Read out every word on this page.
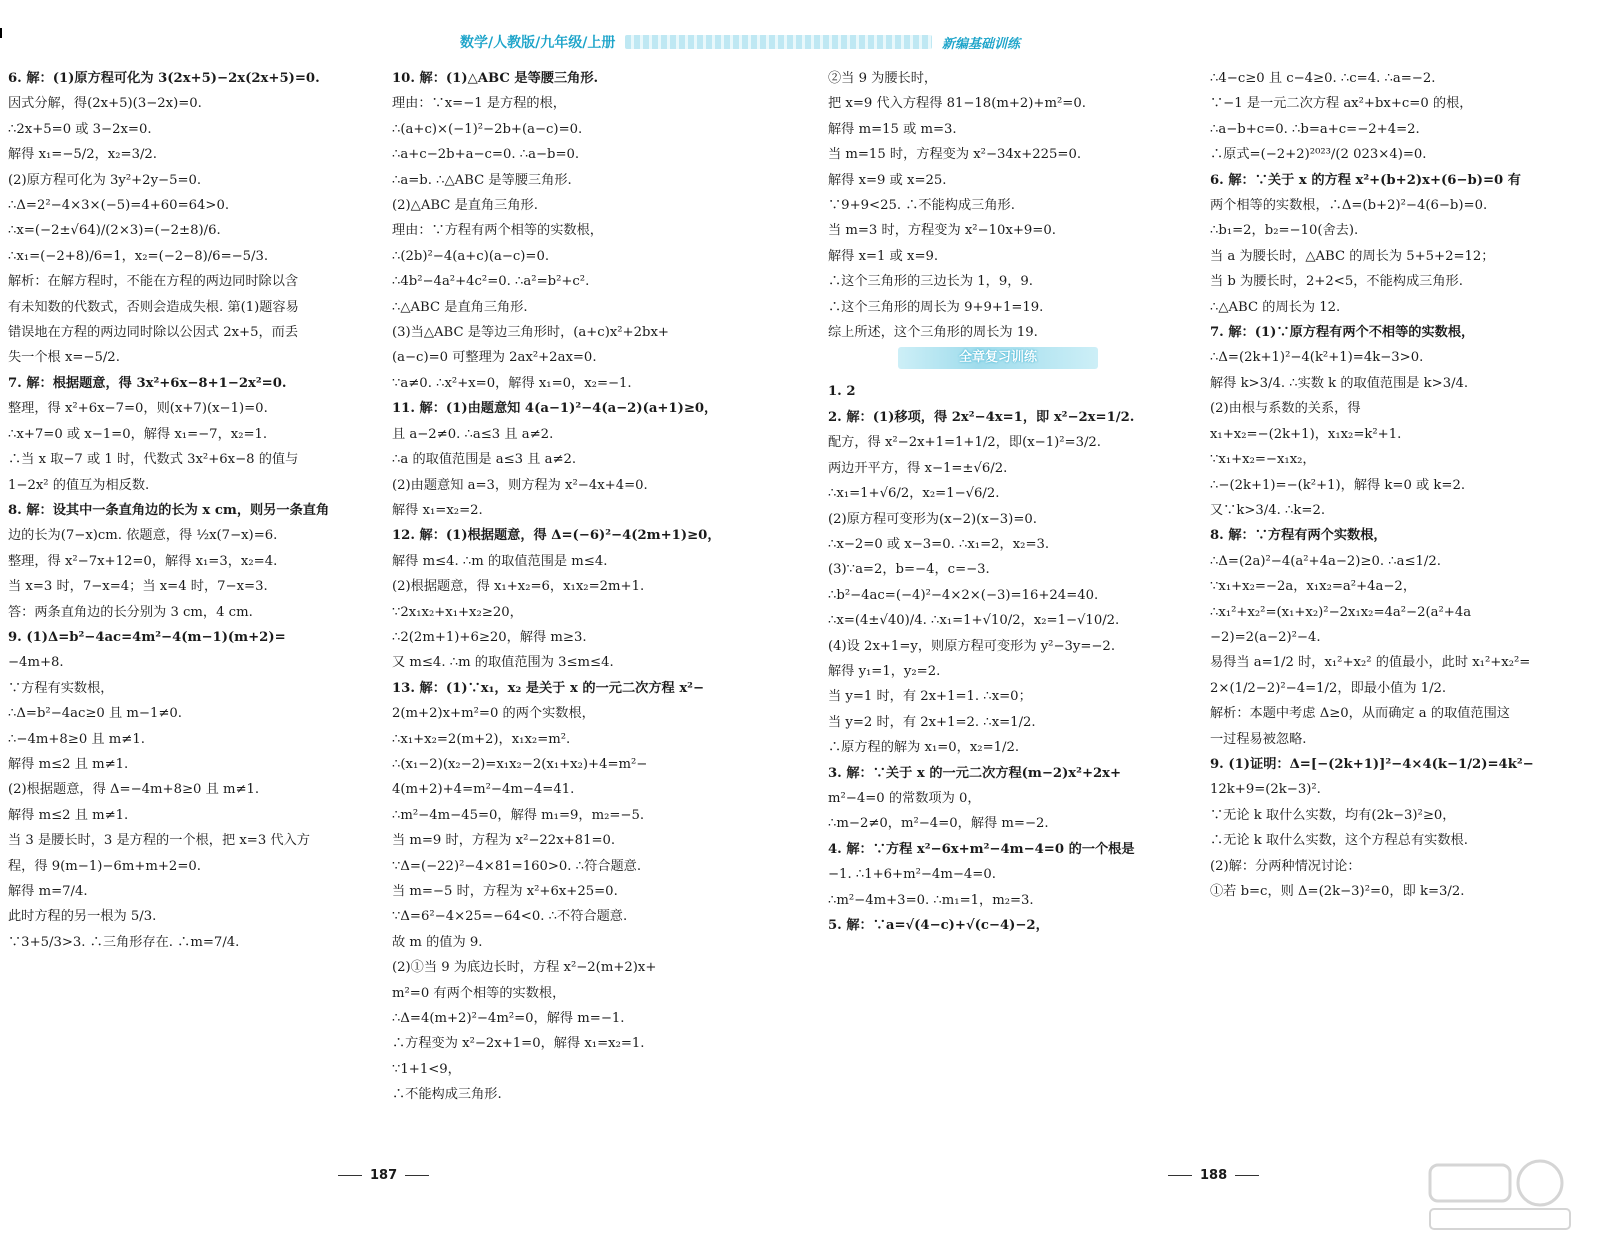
数学/人教版/九年级/上册	新编基础训练
6. 解：(1)原方程可化为 3(2x+5)−2x(2x+5)=0.
因式分解，得(2x+5)(3−2x)=0.
∴2x+5=0 或 3−2x=0.
解得 x₁=−5/2，x₂=3/2.
(2)原方程可化为 3y²+2y−5=0.
∴Δ=2²−4×3×(−5)=4+60=64>0.
∴x=(−2±√64)/(2×3)=(−2±8)/6.
∴x₁=(−2+8)/6=1，x₂=(−2−8)/6=−5/3.
解析：在解方程时，不能在方程的两边同时除以含
有未知数的代数式，否则会造成失根. 第(1)题容易
错误地在方程的两边同时除以公因式 2x+5，而丢
失一个根 x=−5/2.
7. 解：根据题意，得 3x²+6x−8+1−2x²=0.
整理，得 x²+6x−7=0，则(x+7)(x−1)=0.
∴x+7=0 或 x−1=0，解得 x₁=−7，x₂=1.
∴当 x 取−7 或 1 时，代数式 3x²+6x−8 的值与
1−2x² 的值互为相反数.
8. 解：设其中一条直角边的长为 x cm，则另一条直角
边的长为(7−x)cm. 依题意，得 ½x(7−x)=6.
整理，得 x²−7x+12=0，解得 x₁=3，x₂=4.
当 x=3 时，7−x=4；当 x=4 时，7−x=3.
答：两条直角边的长分别为 3 cm，4 cm.
9. (1)Δ=b²−4ac=4m²−4(m−1)(m+2)=
−4m+8.
∵方程有实数根，
∴Δ=b²−4ac≥0 且 m−1≠0.
∴−4m+8≥0 且 m≠1.
解得 m≤2 且 m≠1.
(2)根据题意，得 Δ=−4m+8≥0 且 m≠1.
解得 m≤2 且 m≠1.
当 3 是腰长时，3 是方程的一个根，把 x=3 代入方
程，得 9(m−1)−6m+m+2=0.
解得 m=7/4.
此时方程的另一根为 5/3.
∵3+5/3>3. ∴三角形存在. ∴m=7/4.
10. 解：(1)△ABC 是等腰三角形.
理由：∵x=−1 是方程的根，
∴(a+c)×(−1)²−2b+(a−c)=0.
∴a+c−2b+a−c=0. ∴a−b=0.
∴a=b. ∴△ABC 是等腰三角形.
(2)△ABC 是直角三角形.
理由：∵方程有两个相等的实数根，
∴(2b)²−4(a+c)(a−c)=0.
∴4b²−4a²+4c²=0. ∴a²=b²+c².
∴△ABC 是直角三角形.
(3)当△ABC 是等边三角形时，(a+c)x²+2bx+
(a−c)=0 可整理为 2ax²+2ax=0.
∵a≠0. ∴x²+x=0，解得 x₁=0，x₂=−1.
11. 解：(1)由题意知 4(a−1)²−4(a−2)(a+1)≥0，
且 a−2≠0. ∴a≤3 且 a≠2.
∴a 的取值范围是 a≤3 且 a≠2.
(2)由题意知 a=3，则方程为 x²−4x+4=0.
解得 x₁=x₂=2.
12. 解：(1)根据题意，得 Δ=(−6)²−4(2m+1)≥0，
解得 m≤4. ∴m 的取值范围是 m≤4.
(2)根据题意，得 x₁+x₂=6，x₁x₂=2m+1.
∵2x₁x₂+x₁+x₂≥20，
∴2(2m+1)+6≥20，解得 m≥3.
又 m≤4. ∴m 的取值范围为 3≤m≤4.
13. 解：(1)∵x₁，x₂ 是关于 x 的一元二次方程 x²−
2(m+2)x+m²=0 的两个实数根，
∴x₁+x₂=2(m+2)，x₁x₂=m².
∴(x₁−2)(x₂−2)=x₁x₂−2(x₁+x₂)+4=m²−
4(m+2)+4=m²−4m−4=41.
∴m²−4m−45=0，解得 m₁=9，m₂=−5.
当 m=9 时，方程为 x²−22x+81=0.
∵Δ=(−22)²−4×81=160>0. ∴符合题意.
当 m=−5 时，方程为 x²+6x+25=0.
∵Δ=6²−4×25=−64<0. ∴不符合题意.
故 m 的值为 9.
(2)①当 9 为底边长时，方程 x²−2(m+2)x+
m²=0 有两个相等的实数根，
∴Δ=4(m+2)²−4m²=0，解得 m=−1.
∴方程变为 x²−2x+1=0，解得 x₁=x₂=1.
∵1+1<9，
∴不能构成三角形.
②当 9 为腰长时，
把 x=9 代入方程得 81−18(m+2)+m²=0.
解得 m=15 或 m=3.
当 m=15 时，方程变为 x²−34x+225=0.
解得 x=9 或 x=25.
∵9+9<25. ∴不能构成三角形.
当 m=3 时，方程变为 x²−10x+9=0.
解得 x=1 或 x=9.
∴这个三角形的三边长为 1，9，9.
∴这个三角形的周长为 9+9+1=19.
综上所述，这个三角形的周长为 19.
全章复习训练
1. 2
2. 解：(1)移项，得 2x²−4x=1，即 x²−2x=1/2.
配方，得 x²−2x+1=1+1/2，即(x−1)²=3/2.
两边开平方，得 x−1=±√6/2.
∴x₁=1+√6/2，x₂=1−√6/2.
(2)原方程可变形为(x−2)(x−3)=0.
∴x−2=0 或 x−3=0. ∴x₁=2，x₂=3.
(3)∵a=2，b=−4，c=−3.
∴b²−4ac=(−4)²−4×2×(−3)=16+24=40.
∴x=(4±√40)/4. ∴x₁=1+√10/2，x₂=1−√10/2.
(4)设 2x+1=y，则原方程可变形为 y²−3y=−2.
解得 y₁=1，y₂=2.
当 y=1 时，有 2x+1=1. ∴x=0；
当 y=2 时，有 2x+1=2. ∴x=1/2.
∴原方程的解为 x₁=0，x₂=1/2.
3. 解：∵关于 x 的一元二次方程(m−2)x²+2x+
m²−4=0 的常数项为 0，
∴m−2≠0，m²−4=0，解得 m=−2.
4. 解：∵方程 x²−6x+m²−4m−4=0 的一个根是
−1. ∴1+6+m²−4m−4=0.
∴m²−4m+3=0. ∴m₁=1，m₂=3.
5. 解：∵a=√(4−c)+√(c−4)−2，
∴4−c≥0 且 c−4≥0. ∴c=4. ∴a=−2.
∵−1 是一元二次方程 ax²+bx+c=0 的根，
∴a−b+c=0. ∴b=a+c=−2+4=2.
∴原式=(−2+2)²⁰²³/(2 023×4)=0.
6. 解：∵关于 x 的方程 x²+(b+2)x+(6−b)=0 有
两个相等的实数根，∴Δ=(b+2)²−4(6−b)=0.
∴b₁=2，b₂=−10(舍去).
当 a 为腰长时，△ABC 的周长为 5+5+2=12；
当 b 为腰长时，2+2<5，不能构成三角形.
∴△ABC 的周长为 12.
7. 解：(1)∵原方程有两个不相等的实数根，
∴Δ=(2k+1)²−4(k²+1)=4k−3>0.
解得 k>3/4. ∴实数 k 的取值范围是 k>3/4.
(2)由根与系数的关系，得
x₁+x₂=−(2k+1)，x₁x₂=k²+1.
∵x₁+x₂=−x₁x₂，
∴−(2k+1)=−(k²+1)，解得 k=0 或 k=2.
又∵k>3/4. ∴k=2.
8. 解：∵方程有两个实数根，
∴Δ=(2a)²−4(a²+4a−2)≥0. ∴a≤1/2.
∵x₁+x₂=−2a，x₁x₂=a²+4a−2，
∴x₁²+x₂²=(x₁+x₂)²−2x₁x₂=4a²−2(a²+4a
−2)=2(a−2)²−4.
易得当 a=1/2 时，x₁²+x₂² 的值最小，此时 x₁²+x₂²=
2×(1/2−2)²−4=1/2，即最小值为 1/2.
解析：本题中考虑 Δ≥0，从而确定 a 的取值范围这
一过程易被忽略.
9. (1)证明：Δ=[−(2k+1)]²−4×4(k−1/2)=4k²−
12k+9=(2k−3)².
∵无论 k 取什么实数，均有(2k−3)²≥0，
∴无论 k 取什么实数，这个方程总有实数根.
(2)解：分两种情况讨论：
①若 b=c，则 Δ=(2k−3)²=0，即 k=3/2.
187	188
